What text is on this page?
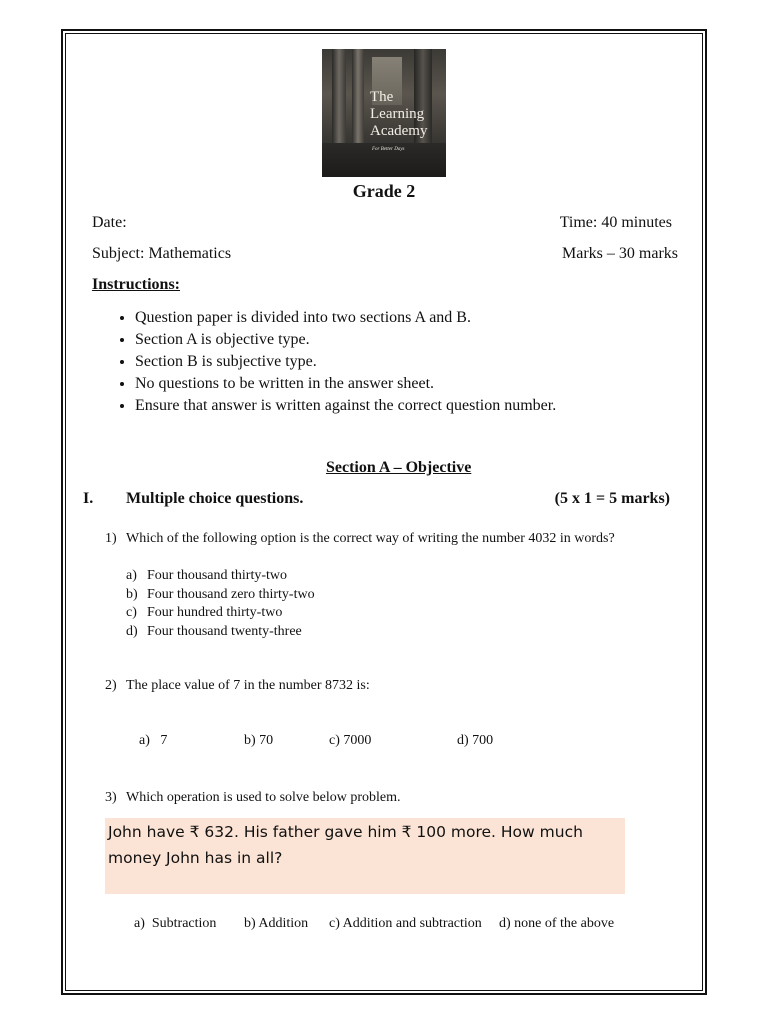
The
Learning
Academy
For Better Days
Grade 2
Date:	Time: 40 minutes
Subject: Mathematics	Marks – 30 marks
Instructions:
• Question paper is divided into two sections A and B.
• Section A is objective type.
• Section B is subjective type.
• No questions to be written in the answer sheet.
• Ensure that answer is written against the correct question number.
Section A – Objective
I. Multiple choice questions.	(5 x 1 = 5 marks)
1) Which of the following option is the correct way of writing the number 4032 in words?
a) Four thousand thirty-two
b) Four thousand zero thirty-two
c) Four hundred thirty-two
d) Four thousand twenty-three
2) The place value of 7 in the number 8732 is:
a)   7	b) 70	c) 7000	d) 700
3) Which operation is used to solve below problem.
John have ₹ 632. His father gave him ₹ 100 more. How much
money John has in all?
a)  Subtraction b) Addition c) Addition and subtraction d) none of the above
